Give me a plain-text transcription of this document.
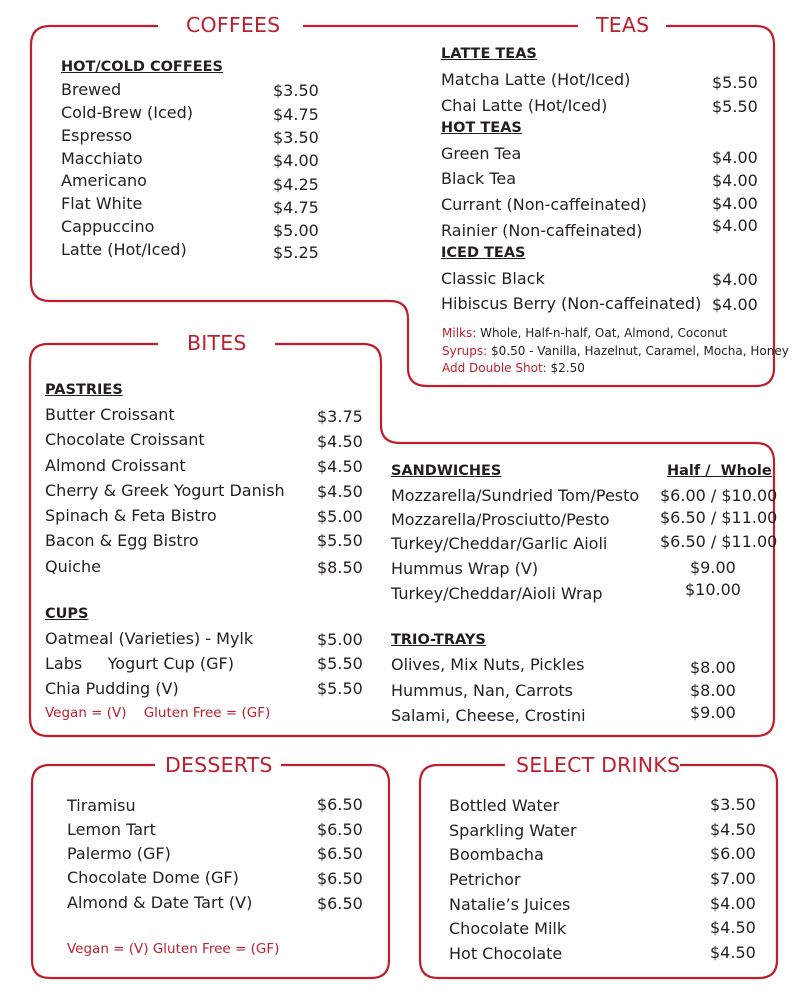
COFFEES	TEAS
BITES
DESSERTS	SELECT DRINKS
HOT/COLD COFFEES
Brewed	$3.50
Cold-Brew (Iced)	$4.75
Espresso	$3.50
Macchiato	$4.00
Americano	$4.25
Flat White	$4.75
Cappuccino	$5.00
Latte (Hot/Iced)	$5.25
LATTE TEAS
Matcha Latte (Hot/Iced)	$5.50
Chai Latte (Hot/Iced)	$5.50
HOT TEAS
Green Tea	$4.00
Black Tea	$4.00
Currant (Non-caffeinated)	$4.00
Rainier (Non-caffeinated)	$4.00
ICED TEAS
Classic Black	$4.00
Hibiscus Berry (Non-caffeinated) $4.00
Milks: Whole, Half-n-half, Oat, Almond, Coconut
Syrups: $0.50 - Vanilla, Hazelnut, Caramel, Mocha, Honey
Add Double Shot: $2.50
PASTRIES
Butter Croissant	$3.75
Chocolate Croissant	$4.50
Almond Croissant	$4.50
Cherry & Greek Yogurt Danish $4.50
Spinach & Feta Bistro	$5.00
Bacon & Egg Bistro	$5.50
Quiche	$8.50
CUPS
Oatmeal (Varieties) - Mylk	$5.00
Labs     Yogurt Cup (GF)	$5.50
Chia Pudding (V)	$5.50
Vegan = (V)    Gluten Free = (GF)
SANDWICHES	Half /  Whole
Mozzarella/Sundried Tom/Pesto $6.00 / $10.00
Mozzarella/Prosciutto/Pesto	$6.50 / $11.00
Turkey/Cheddar/Garlic Aioli	$6.50 / $11.00
Hummus Wrap (V)	$9.00
Turkey/Cheddar/Aioli Wrap	$10.00
TRIO-TRAYS
Olives, Mix Nuts, Pickles	$8.00
Hummus, Nan, Carrots	$8.00
Salami, Cheese, Crostini	$9.00
Tiramisu	$6.50
Lemon Tart	$6.50
Palermo (GF)	$6.50
Chocolate Dome (GF)	$6.50
Almond & Date Tart (V)	$6.50
Vegan = (V) Gluten Free = (GF)
Bottled Water	$3.50
Sparkling Water	$4.50
Boombacha	$6.00
Petrichor	$7.00
Natalie’s Juices	$4.00
Chocolate Milk	$4.50
Hot Chocolate	$4.50
